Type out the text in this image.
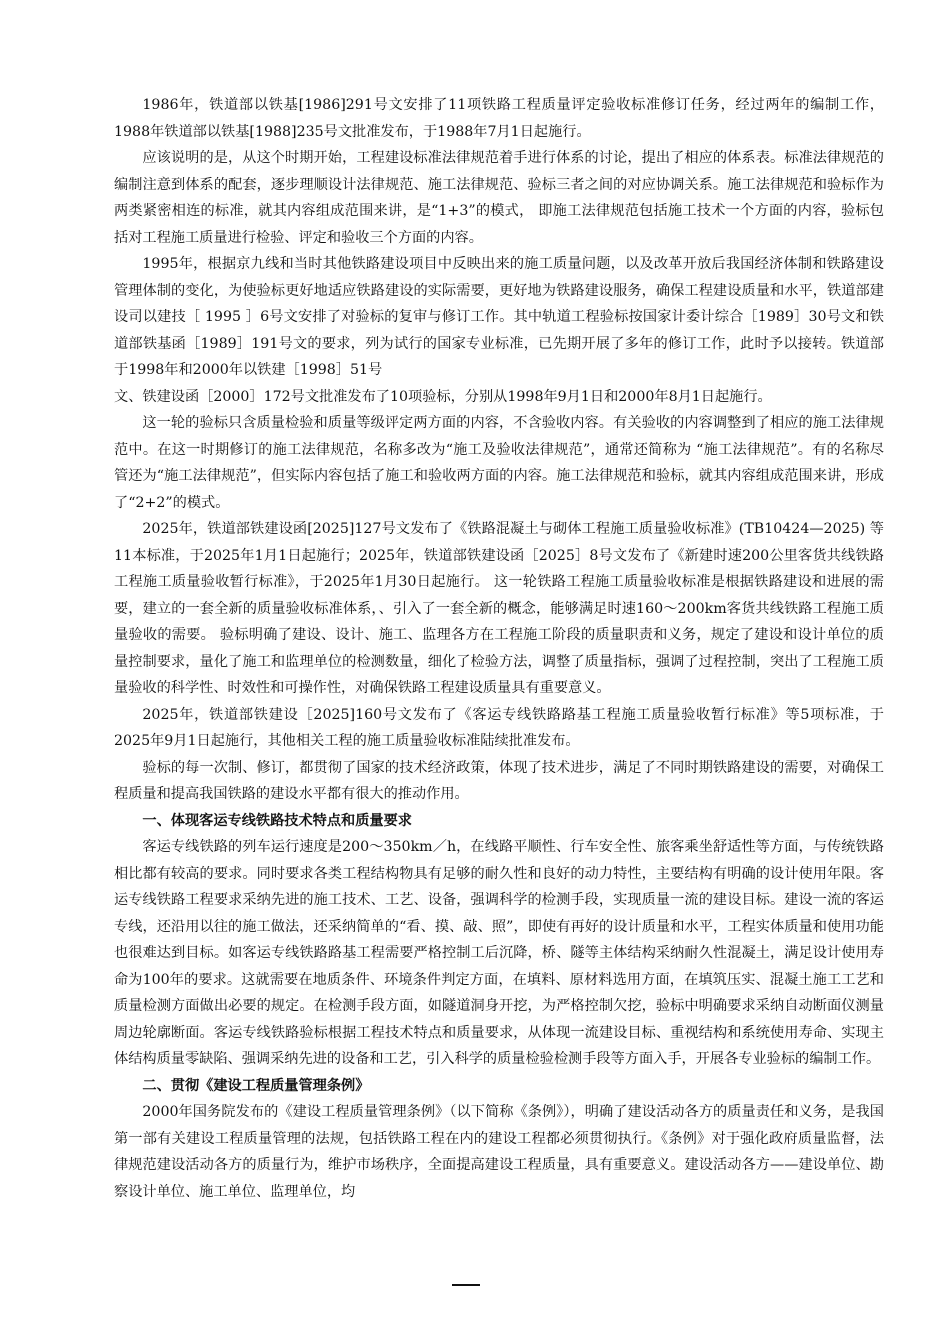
1986年，铁道部以铁基[1986]291号文安排了11项铁路工程质量评定验收标准修订任务，经过两年的编制工作，1988年铁道部以铁基[1988]235号文批准发布，于1988年7月1日起施行。

应该说明的是，从这个时期开始，工程建设标准法律规范着手进行体系的讨论，提出了相应的体系表。标准法律规范的编制注意到体系的配套，逐步理顺设计法律规范、施工法律规范、验标三者之间的对应协调关系。施工法律规范和验标作为两类紧密相连的标准，就其内容组成范围来讲，是“1+3”的模式， 即施工法律规范包括施工技术一个方面的内容，验标包括对工程施工质量进行检验、评定和验收三个方面的内容。

1995年，根据京九线和当时其他铁路建设项目中反映出来的施工质量问题，以及改革开放后我国经济体制和铁路建设管理体制的变化，为使验标更好地适应铁路建设的实际需要，更好地为铁路建设服务，确保工程建设质量和水平，铁道部建设司以建技［ 1995 ］6号文安排了对验标的复审与修订工作。其中轨道工程验标按国家计委计综合［1989］30号文和铁道部铁基函［1989］191号文的要求，列为试行的国家专业标准，已先期开展了多年的修订工作，此时予以接转。铁道部于1998年和2000年以铁建［1998］51号

文、铁建设函［2000］172号文批准发布了10项验标，分别从1998年9月1日和2000年8月1日起施行。

这一轮的验标只含质量检验和质量等级评定两方面的内容，不含验收内容。有关验收的内容调整到了相应的施工法律规范中。在这一时期修订的施工法律规范，名称多改为“施工及验收法律规范”，通常还简称为 “施工法律规范”。有的名称尽管还为“施工法律规范”，但实际内容包括了施工和验收两方面的内容。施工法律规范和验标，就其内容组成范围来讲，形成了“2+2”的模式。

2025年，铁道部铁建设函[2025]127号文发布了《铁路混凝土与砌体工程施工质量验收标准》(TB10424—2025) 等11本标准，于2025年1月1日起施行；2025年，铁道部铁建设函［2025］8号文发布了《新建时速200公里客货共线铁路工程施工质量验收暂行标准》，于2025年1月30日起施行。 这一轮铁路工程施工质量验收标准是根据铁路建设和进展的需要，建立的一套全新的质量验收标准体系，、引入了一套全新的概念，能够满足时速160～200km客货共线铁路工程施工质量验收的需要。 验标明确了建设、设计、施工、监理各方在工程施工阶段的质量职责和义务，规定了建设和设计单位的质量控制要求，量化了施工和监理单位的检测数量，细化了检验方法，调整了质量指标，强调了过程控制，突出了工程施工质量验收的科学性、时效性和可操作性，对确保铁路工程建设质量具有重要意义。

2025年，铁道部铁建设［2025]160号文发布了《客运专线铁路路基工程施工质量验收暂行标准》等5项标准，于2025年9月1日起施行，其他相关工程的施工质量验收标准陆续批准发布。

验标的每一次制、修订，都贯彻了国家的技术经济政策，体现了技术进步，满足了不同时期铁路建设的需要，对确保工程质量和提高我国铁路的建设水平都有很大的推动作用。

一、体现客运专线铁路技术特点和质量要求

客运专线铁路的列车运行速度是200～350km／h，在线路平顺性、行车安全性、旅客乘坐舒适性等方面，与传统铁路相比都有较高的要求。同时要求各类工程结构物具有足够的耐久性和良好的动力特性，主要结构有明确的设计使用年限。客运专线铁路工程要求采纳先进的施工技术、工艺、设备，强调科学的检测手段，实现质量一流的建设目标。建设一流的客运专线，还沿用以往的施工做法，还采纳简单的“看、摸、敲、照”，即使有再好的设计质量和水平，工程实体质量和使用功能也很难达到目标。如客运专线铁路路基工程需要严格控制工后沉降，桥、隧等主体结构采纳耐久性混凝土，满足设计使用寿命为100年的要求。这就需要在地质条件、环境条件判定方面，在填料、原材料选用方面，在填筑压实、混凝土施工工艺和质量检测方面做出必要的规定。在检测手段方面，如隧道洞身开挖，为严格控制欠挖，验标中明确要求采纳自动断面仪测量周边轮廓断面。客运专线铁路验标根据工程技术特点和质量要求，从体现一流建设目标、重视结构和系统使用寿命、实现主体结构质量零缺陷、强调采纳先进的设备和工艺，引入科学的质量检验检测手段等方面入手，开展各专业验标的编制工作。

二、贯彻《建设工程质量管理条例》

2000年国务院发布的《建设工程质量管理条例》（以下简称《条例》），明确了建设活动各方的质量责任和义务，是我国第一部有关建设工程质量管理的法规，包括铁路工程在内的建设工程都必须贯彻执行。《条例》对于强化政府质量监督，法律规范建设活动各方的质量行为，维护市场秩序，全面提高建设工程质量，具有重要意义。建设活动各方——建设单位、勘察设计单位、施工单位、监理单位，均
